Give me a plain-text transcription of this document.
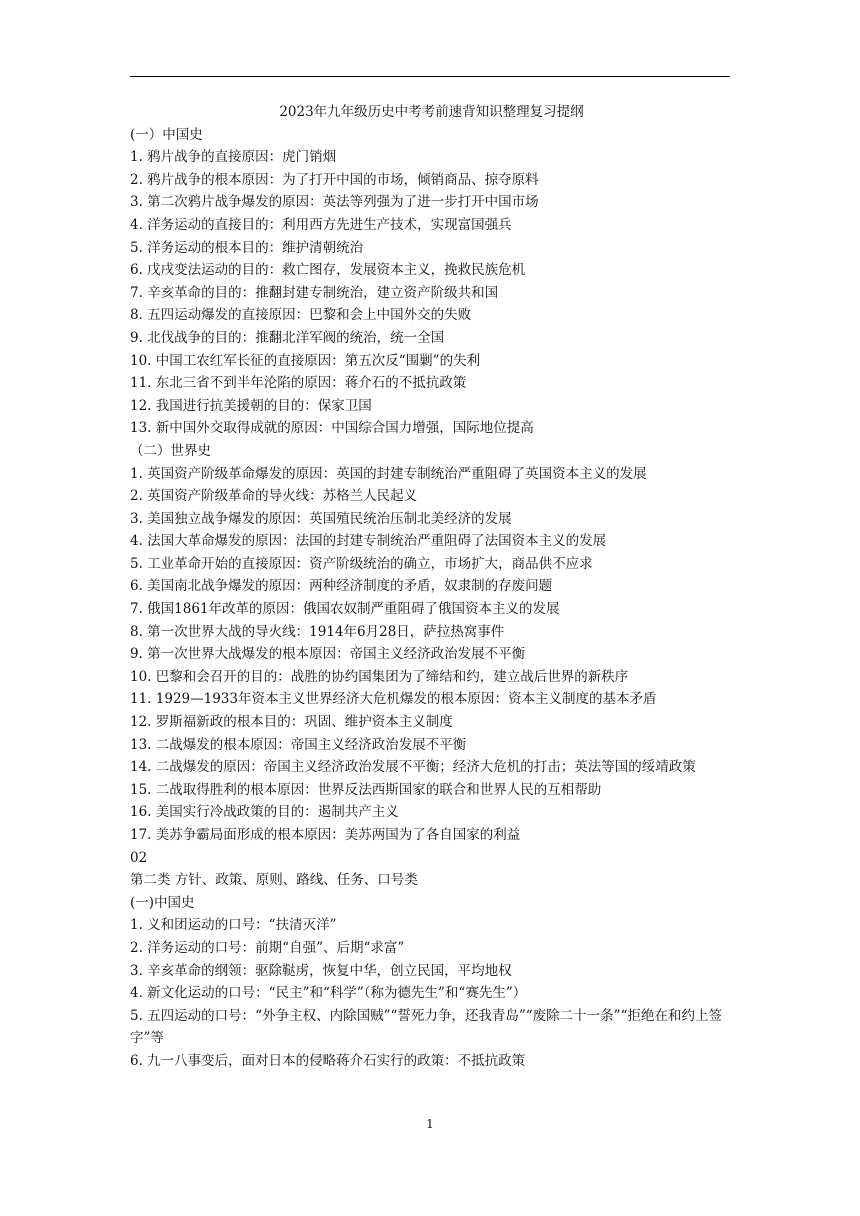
2023年九年级历史中考考前速背知识整理复习提纲
(一）中国史
1. 鸦片战争的直接原因：虎门销烟
2. 鸦片战争的根本原因：为了打开中国的市场，倾销商品、掠夺原料
3. 第二次鸦片战争爆发的原因：英法等列强为了进一步打开中国市场
4. 洋务运动的直接目的：利用西方先进生产技术，实现富国强兵
5. 洋务运动的根本目的：维护清朝统治
6. 戊戌变法运动的目的：救亡图存，发展资本主义，挽救民族危机
7. 辛亥革命的目的：推翻封建专制统治，建立资产阶级共和国
8. 五四运动爆发的直接原因：巴黎和会上中国外交的失败
9. 北伐战争的目的：推翻北洋军阀的统治，统一全国
10. 中国工农红军长征的直接原因：第五次反“围剿”的失利
11. 东北三省不到半年沦陷的原因：蒋介石的不抵抗政策
12. 我国进行抗美援朝的目的：保家卫国
13. 新中国外交取得成就的原因：中国综合国力增强，国际地位提高
（二）世界史
1. 英国资产阶级革命爆发的原因：英国的封建专制统治严重阻碍了英国资本主义的发展
2. 英国资产阶级革命的导火线：苏格兰人民起义
3. 美国独立战争爆发的原因：英国殖民统治压制北美经济的发展
4. 法国大革命爆发的原因：法国的封建专制统治严重阻碍了法国资本主义的发展
5. 工业革命开始的直接原因：资产阶级统治的确立，市场扩大，商品供不应求
6. 美国南北战争爆发的原因：两种经济制度的矛盾，奴隶制的存废问题
7. 俄国1861年改革的原因：俄国农奴制严重阻碍了俄国资本主义的发展
8. 第一次世界大战的导火线：1914年6月28日，萨拉热窝事件
9. 第一次世界大战爆发的根本原因：帝国主义经济政治发展不平衡
10. 巴黎和会召开的目的：战胜的协约国集团为了缔结和约，建立战后世界的新秩序
11. 1929—1933年资本主义世界经济大危机爆发的根本原因：资本主义制度的基本矛盾
12. 罗斯福新政的根本目的：巩固、维护资本主义制度
13. 二战爆发的根本原因：帝国主义经济政治发展不平衡
14. 二战爆发的原因：帝国主义经济政治发展不平衡；经济大危机的打击；英法等国的绥靖政策
15. 二战取得胜利的根本原因：世界反法西斯国家的联合和世界人民的互相帮助
16. 美国实行冷战政策的目的：遏制共产主义
17. 美苏争霸局面形成的根本原因：美苏两国为了各自国家的利益
02
第二类 方针、政策、原则、路线、任务、口号类
(一)中国史
1. 义和团运动的口号：“扶清灭洋”
2. 洋务运动的口号：前期“自强”、后期“求富”
3. 辛亥革命的纲领：驱除鞑虏，恢复中华，创立民国，平均地权
4. 新文化运动的口号：“民主”和“科学”（称为德先生”和“赛先生”）
5. 五四运动的口号：“外争主权、内除国贼”“誓死力争，还我青岛”“废除二十一条”“拒绝在和约上签字”等
6. 九一八事变后，面对日本的侵略蒋介石实行的政策：不抵抗政策
1
